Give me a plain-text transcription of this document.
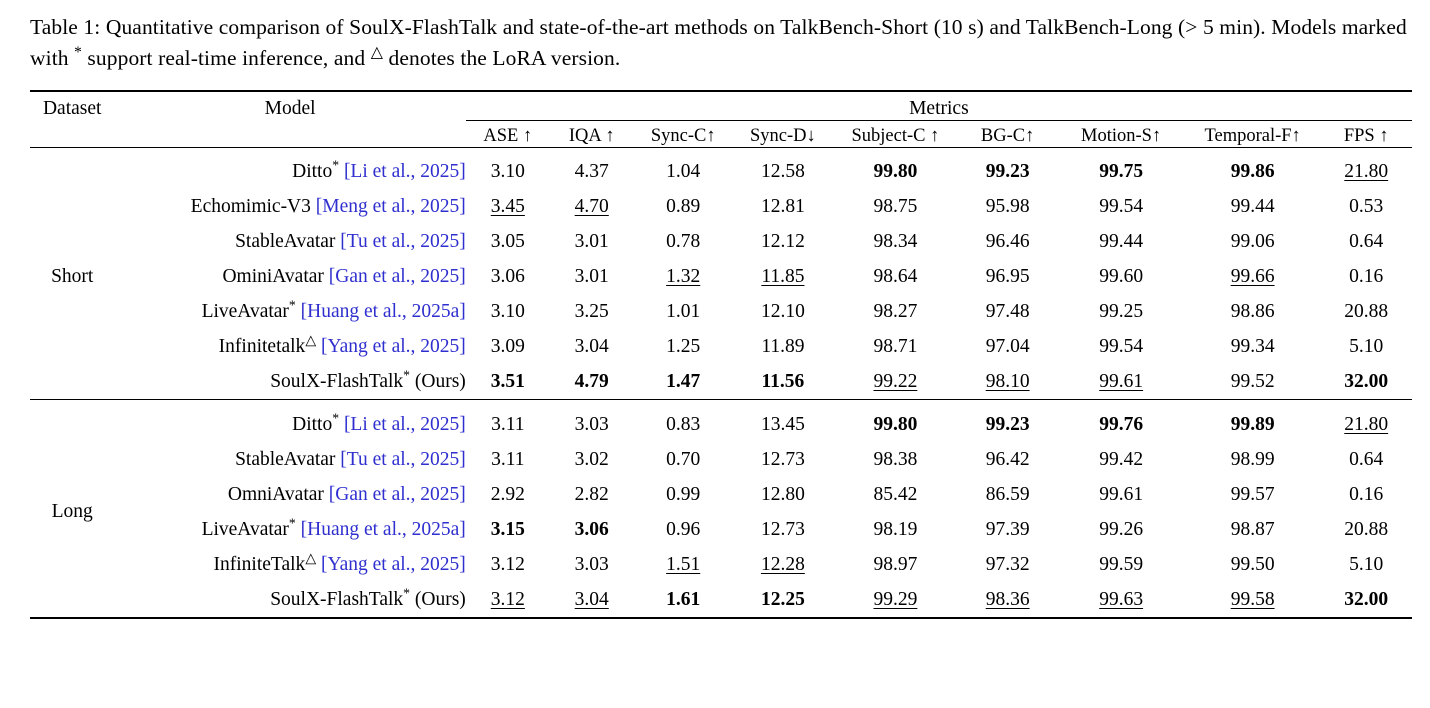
Table 1: Quantitative comparison of SoulX-FlashTalk and state-of-the-art methods on TalkBench-Short (10 s) and TalkBench-Long (> 5 min). Models marked with * support real-time inference, and △ denotes the LoRA version.

Dataset	Model	Metrics								

		ASE ↑	IQA ↑	Sync-C↑	Sync-D↓	Subject-C ↑	BG-C↑	Motion-S↑	Temporal-F↑	FPS ↑

Short	Ditto* [Li et al., 2025]	3.10	4.37	1.04	12.58	99.80	99.23	99.75	99.86	21.80
	Echomimic-V3 [Meng et al., 2025]	3.45	4.70	0.89	12.81	98.75	95.98	99.54	99.44	0.53
	StableAvatar [Tu et al., 2025]	3.05	3.01	0.78	12.12	98.34	96.46	99.44	99.06	0.64
	OminiAvatar [Gan et al., 2025]	3.06	3.01	1.32	11.85	98.64	96.95	99.60	99.66	0.16
	LiveAvatar* [Huang et al., 2025a]	3.10	3.25	1.01	12.10	98.27	97.48	99.25	98.86	20.88
	Infinitetalk△ [Yang et al., 2025]	3.09	3.04	1.25	11.89	98.71	97.04	99.54	99.34	5.10
	SoulX-FlashTalk* (Ours)	3.51	4.79	1.47	11.56	99.22	98.10	99.61	99.52	32.00

Long	Ditto* [Li et al., 2025]	3.11	3.03	0.83	13.45	99.80	99.23	99.76	99.89	21.80
	StableAvatar [Tu et al., 2025]	3.11	3.02	0.70	12.73	98.38	96.42	99.42	98.99	0.64
	OmniAvatar [Gan et al., 2025]	2.92	2.82	0.99	12.80	85.42	86.59	99.61	99.57	0.16
	LiveAvatar* [Huang et al., 2025a]	3.15	3.06	0.96	12.73	98.19	97.39	99.26	98.87	20.88
	InfiniteTalk△ [Yang et al., 2025]	3.12	3.03	1.51	12.28	98.97	97.32	99.59	99.50	5.10
	SoulX-FlashTalk* (Ours)	3.12	3.04	1.61	12.25	99.29	98.36	99.63	99.58	32.00
